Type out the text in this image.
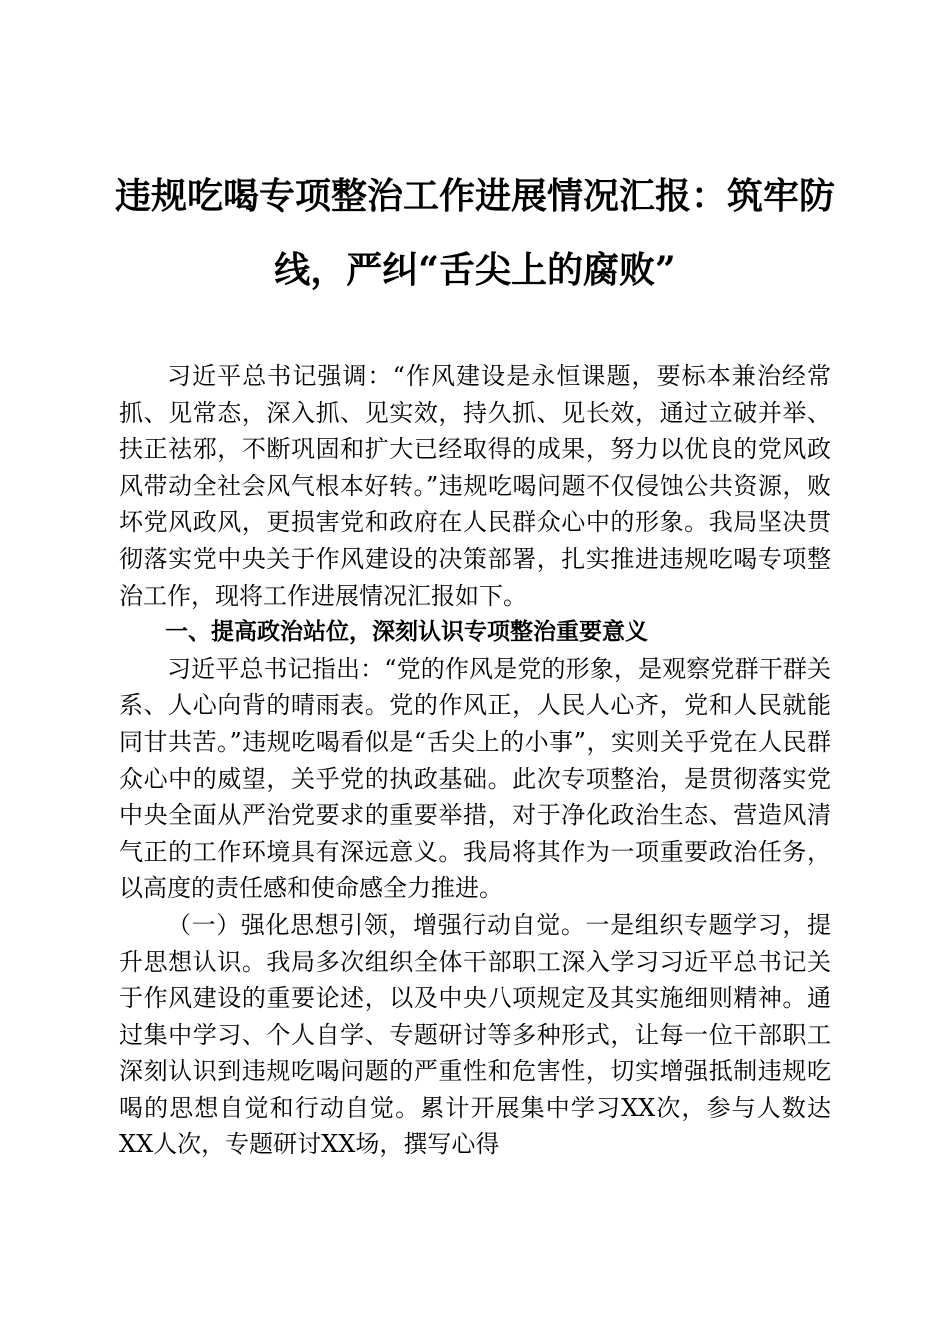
违规吃喝专项整治工作进展情况汇报：筑牢防
线，严纠“舌尖上的腐败”

习近平总书记强调：“作风建设是永恒课题，要标本兼治经常抓、见常态，深入抓、见实效，持久抓、见长效，通过立破并举、扶正祛邪，不断巩固和扩大已经取得的成果，努力以优良的党风政风带动全社会风气根本好转。”违规吃喝问题不仅侵蚀公共资源，败坏党风政风，更损害党和政府在人民群众心中的形象。我局坚决贯彻落实党中央关于作风建设的决策部署，扎实推进违规吃喝专项整治工作，现将工作进展情况汇报如下。

一、提高政治站位，深刻认识专项整治重要意义

习近平总书记指出：“党的作风是党的形象，是观察党群干群关系、人心向背的晴雨表。党的作风正，人民人心齐，党和人民就能同甘共苦。”违规吃喝看似是“舌尖上的小事”，实则关乎党在人民群众心中的威望，关乎党的执政基础。此次专项整治，是贯彻落实党中央全面从严治党要求的重要举措，对于净化政治生态、营造风清气正的工作环境具有深远意义。我局将其作为一项重要政治任务，以高度的责任感和使命感全力推进。

（一）强化思想引领，增强行动自觉。一是组织专题学习，提升思想认识。我局多次组织全体干部职工深入学习习近平总书记关于作风建设的重要论述，以及中央八项规定及其实施细则精神。通过集中学习、个人自学、专题研讨等多种形式，让每一位干部职工深刻认识到违规吃喝问题的严重性和危害性，切实增强抵制违规吃喝的思想自觉和行动自觉。累计开展集中学习XX次，参与人数达XX人次，专题研讨XX场，撰写心得
